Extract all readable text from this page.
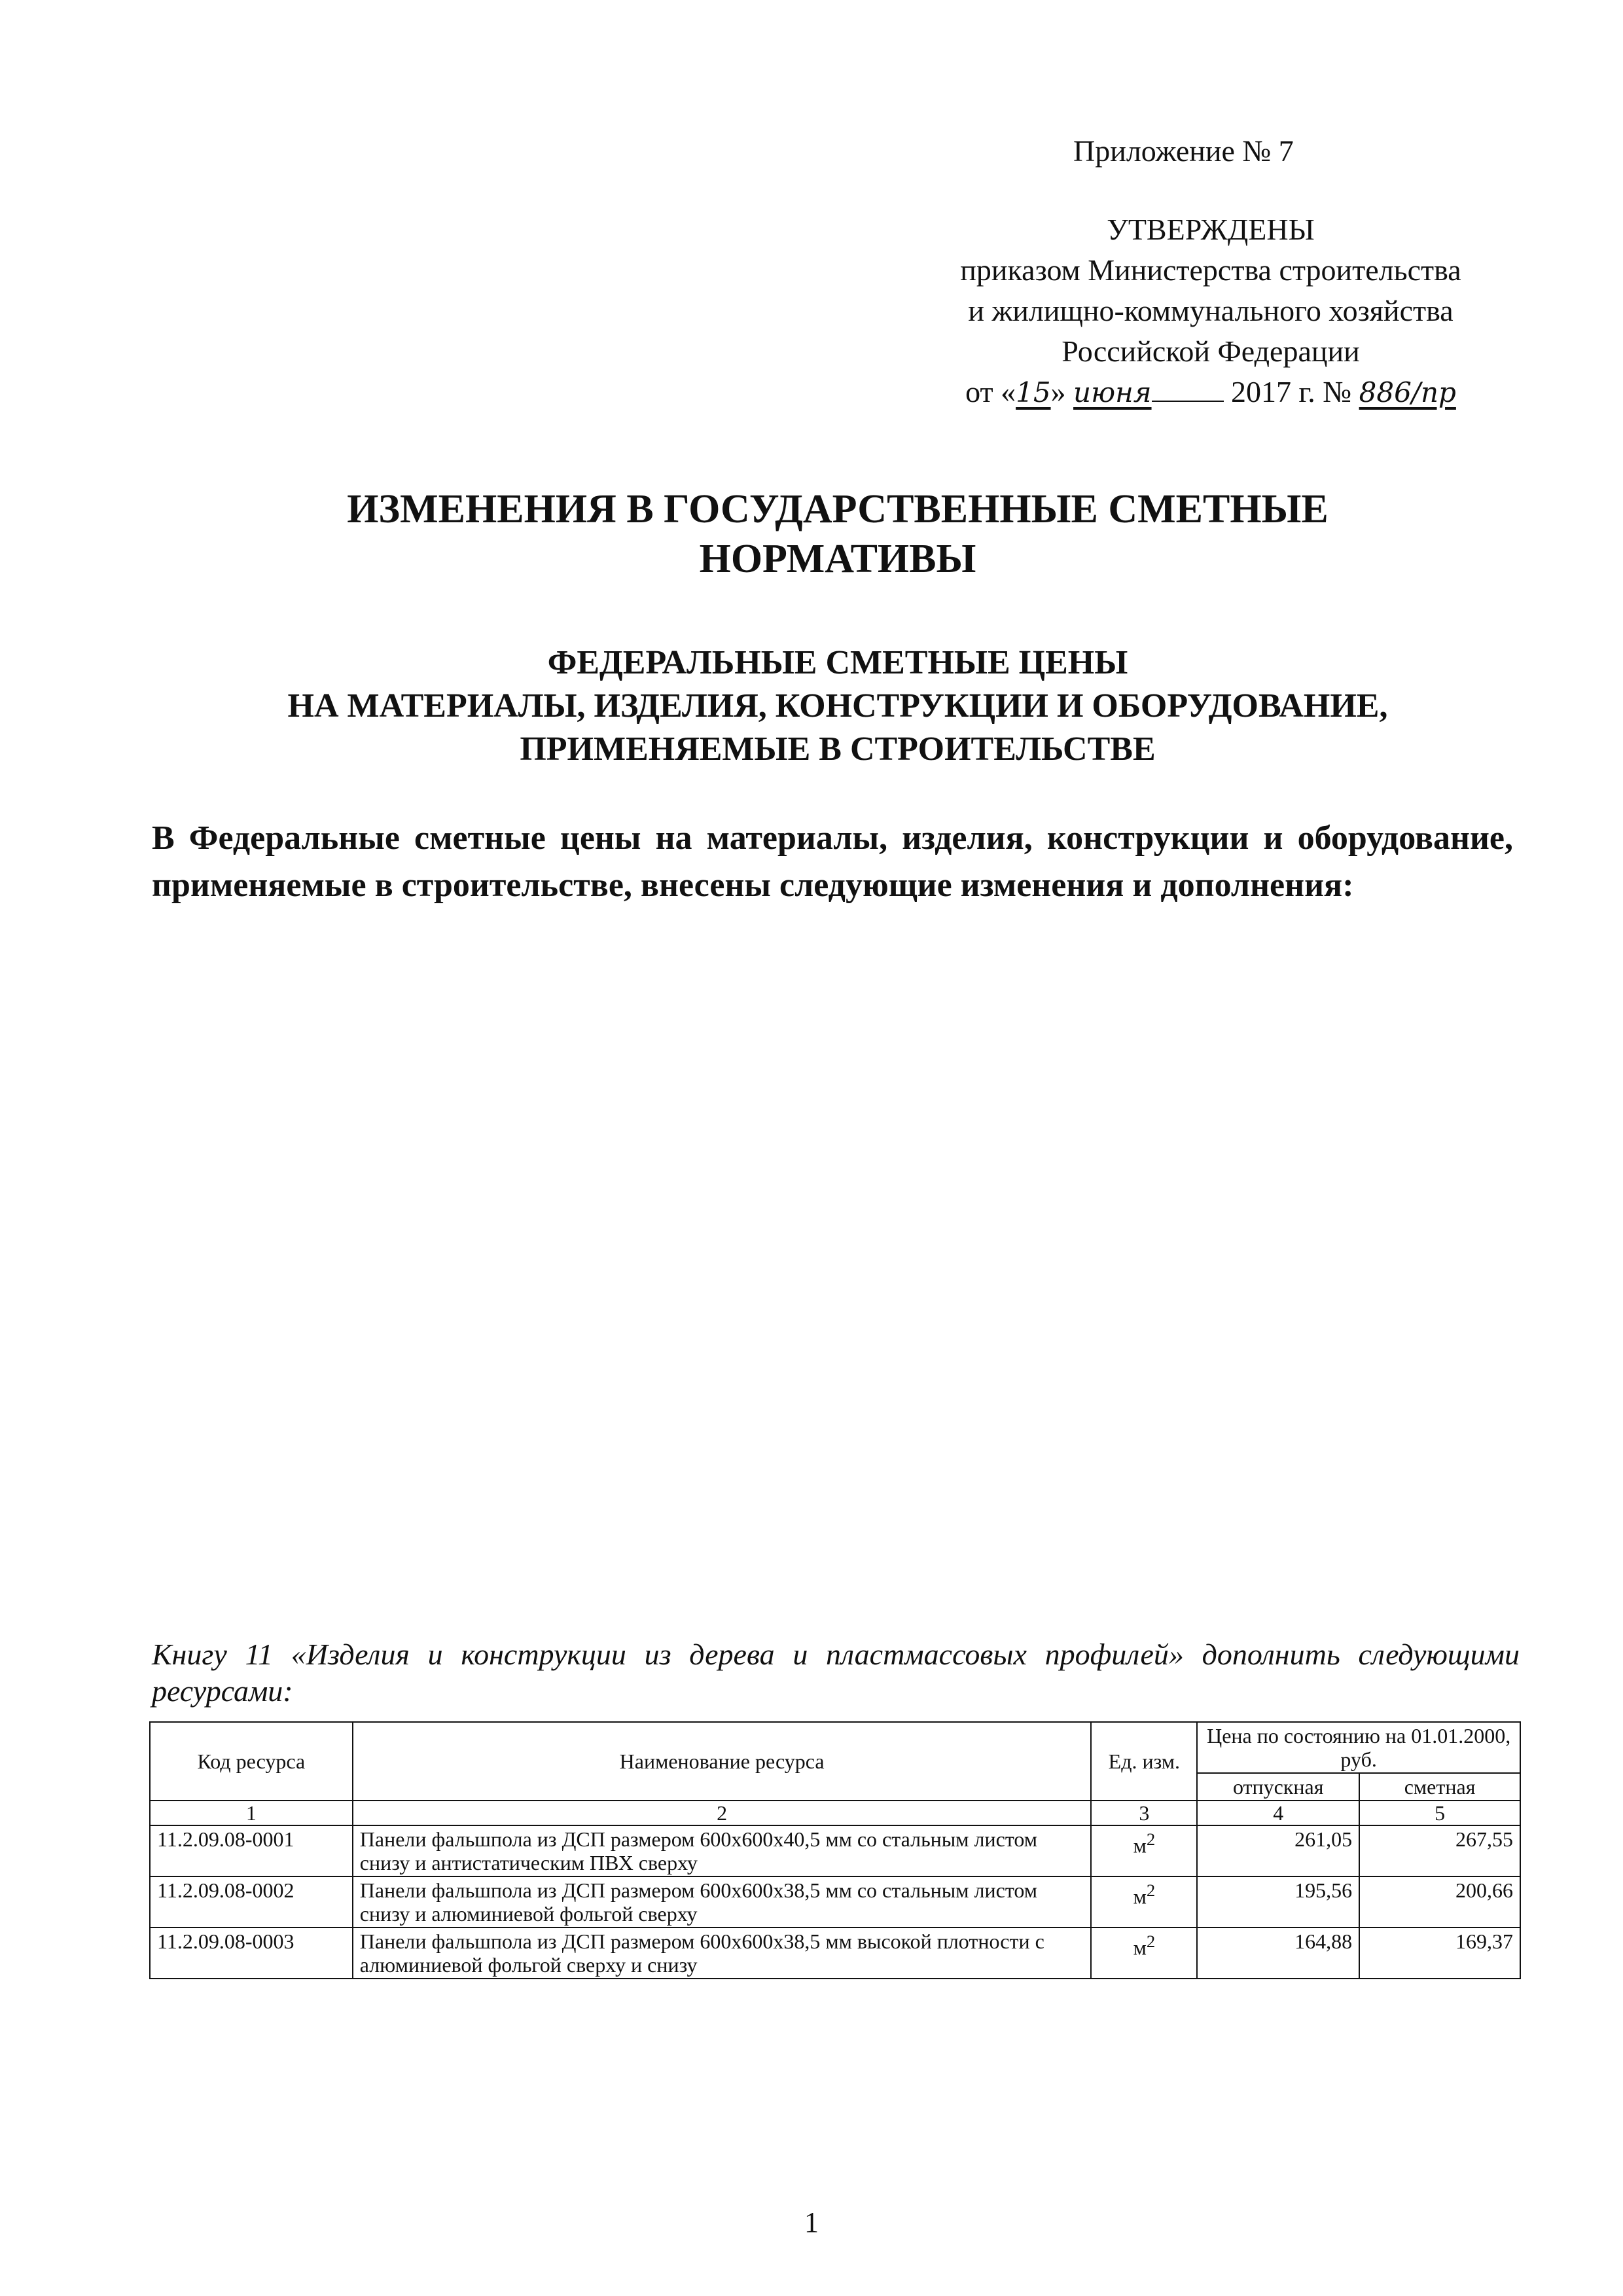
Приложение № 7
УТВЕРЖДЕНЫ
приказом Министерства строительства
и жилищно-коммунального хозяйства
Российской Федерации
от «15» июня	2017 г. № 886/пр
ИЗМЕНЕНИЯ В ГОСУДАРСТВЕННЫЕ СМЕТНЫЕ
НОРМАТИВЫ
ФЕДЕРАЛЬНЫЕ СМЕТНЫЕ ЦЕНЫ
НА МАТЕРИАЛЫ, ИЗДЕЛИЯ, КОНСТРУКЦИИ И ОБОРУДОВАНИЕ,
ПРИМЕНЯЕМЫЕ В СТРОИТЕЛЬСТВЕ
В Федеральные сметные цены на материалы, изделия, конструкции и оборудование, применяемые в строительстве, внесены следующие изменения и дополнения:
Книгу 11 «Изделия и конструкции из дерева и пластмассовых профилей» дополнить следующими ресурсами:
Код ресурса	Наименование ресурса	Ед. изм.	Цена по состоянию на 01.01.2000, руб.	
			отпускная	сметная
1	2	3	4	5
11.2.09.08-0001	Панели фальшпола из ДСП размером 600х600х40,5 мм со стальным листом снизу и антистатическим ПВХ сверху	$м^2$	261,05	267,55
11.2.09.08-0002	Панели фальшпола из ДСП размером 600х600х38,5 мм со стальным листом снизу и алюминиевой фольгой сверху	$м^2$	195,56	200,66
11.2.09.08-0003	Панели фальшпола из ДСП размером 600х600х38,5 мм высокой плотности с алюминиевой фольгой сверху и снизу	$м^2$	164,88	169,37
1
